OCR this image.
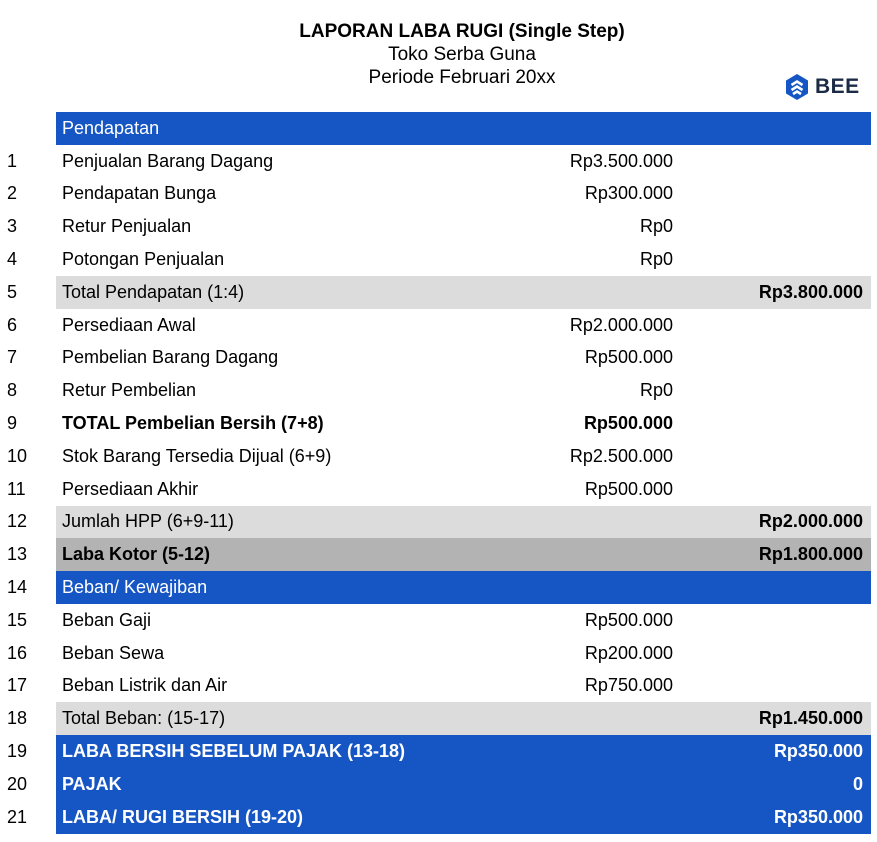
LAPORAN LABA RUGI (Single Step)
Toko Serba Guna
Periode Februari 20xx	BEE
Pendapatan
1 Penjualan Barang Dagang	Rp3.500.000
2 Pendapatan Bunga	Rp300.000
3 Retur Penjualan	Rp0
4 Potongan Penjualan	Rp0
5 Total Pendapatan (1:4)	Rp3.800.000
6 Persediaan Awal	Rp2.000.000
7 Pembelian Barang Dagang	Rp500.000
8 Retur Pembelian	Rp0
9 TOTAL Pembelian Bersih (7+8)	Rp500.000
10 Stok Barang Tersedia Dijual (6+9)	Rp2.500.000
11 Persediaan Akhir	Rp500.000
12 Jumlah HPP (6+9-11)	Rp2.000.000
13 Laba Kotor (5-12)	Rp1.800.000
14 Beban/ Kewajiban
15 Beban Gaji	Rp500.000
16 Beban Sewa	Rp200.000
17 Beban Listrik dan Air	Rp750.000
18 Total Beban: (15-17)	Rp1.450.000
19 LABA BERSIH SEBELUM PAJAK (13-18)	Rp350.000
20 PAJAK	0
21 LABA/ RUGI BERSIH (19-20)	Rp350.000
